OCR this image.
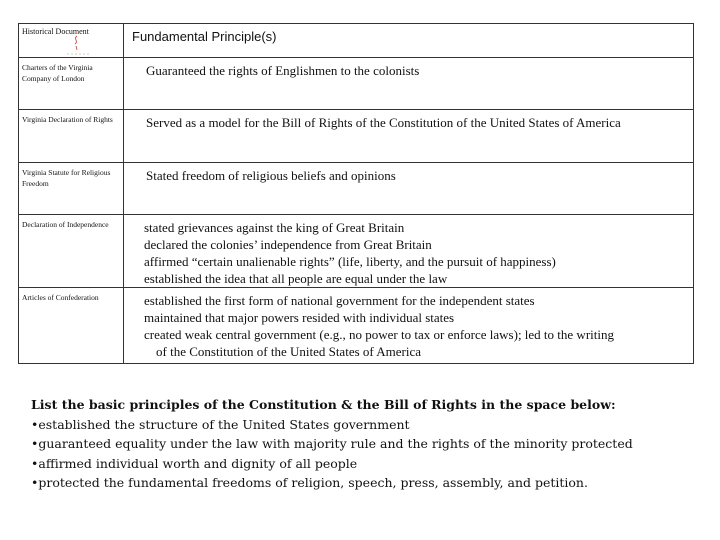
Historical Document	Fundamental Principle(s)

Charters of the Virginia Company of London	Guaranteed the rights of Englishmen to the colonists

Virginia Declaration of Rights	Served as a model for the Bill of Rights of the Constitution of the United States of America

Virginia Statute for Religious Freedom	Stated freedom of religious beliefs and opinions

Declaration of Independence	stated grievances against the king of Great Britain
declared the colonies’ independence from Great Britain
affirmed “certain unalienable rights” (life, liberty, and the pursuit of happiness)
established the idea that all people are equal under the law

Articles of Confederation	established the first form of national government for the independent states
maintained that major powers resided with individual states
created weak central government (e.g., no power to tax or enforce laws); led to the writing
of the Constitution of the United States of America
List the basic principles of the Constitution & the Bill of Rights in the space below:
•established the structure of the United States government
•guaranteed equality under the law with majority rule and the rights of the minority protected
•affirmed individual worth and dignity of all people
•protected the fundamental freedoms of religion, speech, press, assembly, and petition.
